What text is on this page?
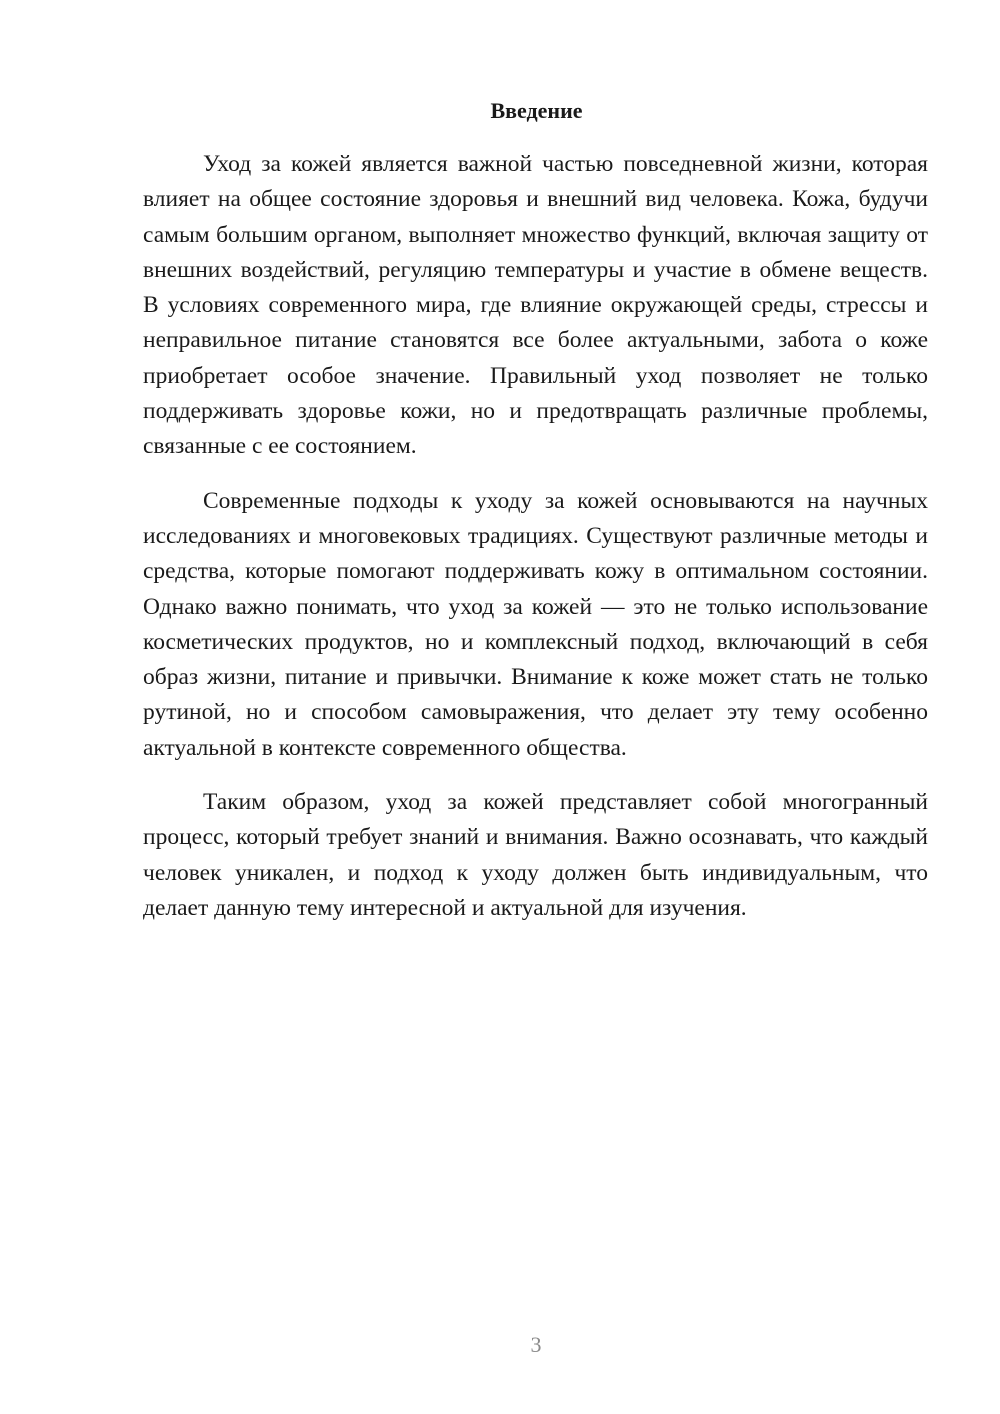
Введение

Уход за кожей является важной частью повседневной жизни, которая влияет на общее состояние здоровья и внешний вид человека. Кожа, будучи самым большим органом, выполняет множество функций, включая защиту от внешних воздействий, регуляцию температуры и участие в обмене веществ. В условиях современного мира, где влияние окружающей среды, стрессы и неправильное питание становятся все более актуальными, забота о коже приобретает особое значение. Правильный уход позволяет не только поддерживать здоровье кожи, но и предотвращать различные проблемы, связанные с ее состоянием.

Современные подходы к уходу за кожей основываются на научных исследованиях и многовековых традициях. Существуют различные методы и средства, которые помогают поддерживать кожу в оптимальном состоянии. Однако важно понимать, что уход за кожей — это не только использование косметических продуктов, но и комплексный подход, включающий в себя образ жизни, питание и привычки. Внимание к коже может стать не только рутиной, но и способом самовыражения, что делает эту тему особенно актуальной в контексте современного общества.

Таким образом, уход за кожей представляет собой многогранный процесс, который требует знаний и внимания. Важно осознавать, что каждый человек уникален, и подход к уходу должен быть индивидуальным, что делает данную тему интересной и актуальной для изучения.

3
